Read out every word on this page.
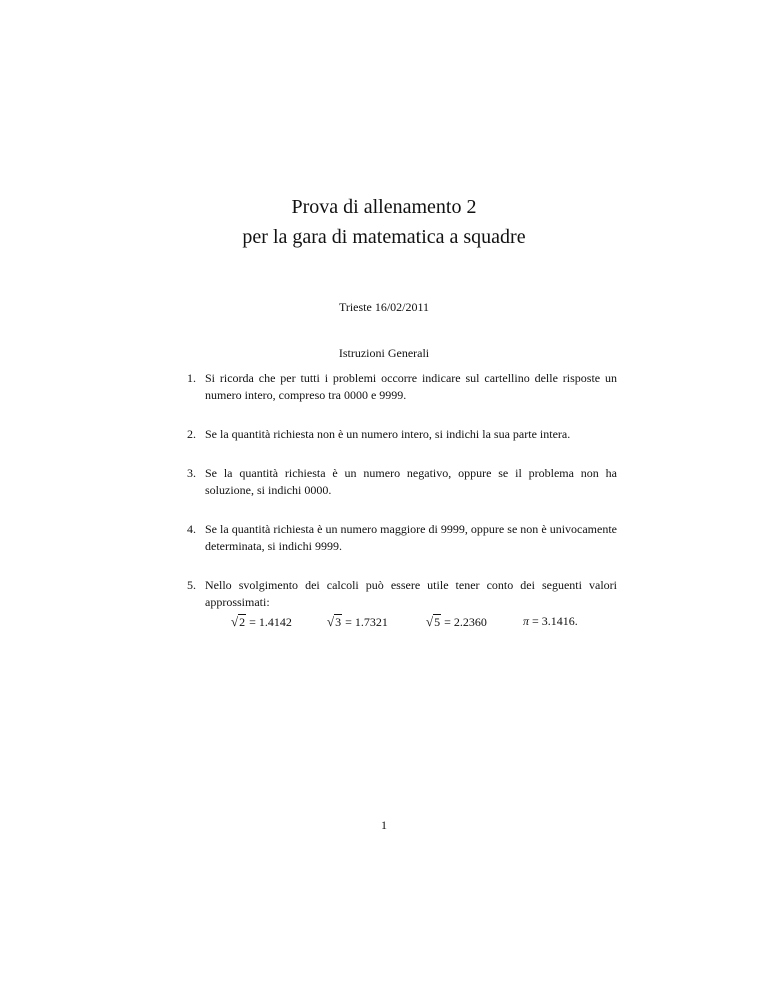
Prova di allenamento 2
per la gara di matematica a squadre
Trieste 16/02/2011
Istruzioni Generali
1. Si ricorda che per tutti i problemi occorre indicare sul cartellino delle risposte un numero intero, compreso tra 0000 e 9999.
2. Se la quantità richiesta non è un numero intero, si indichi la sua parte intera.
3. Se la quantità richiesta è un numero negativo, oppure se il problema non ha soluzione, si indichi 0000.
4. Se la quantità richiesta è un numero maggiore di 9999, oppure se non è univocamente determinata, si indichi 9999.
5. Nello svolgimento dei calcoli può essere utile tener conto dei seguenti valori approssimati:
√2 = 1.4142	√3 = 1.7321	√5 = 2.2360	π = 3.1416.
1
